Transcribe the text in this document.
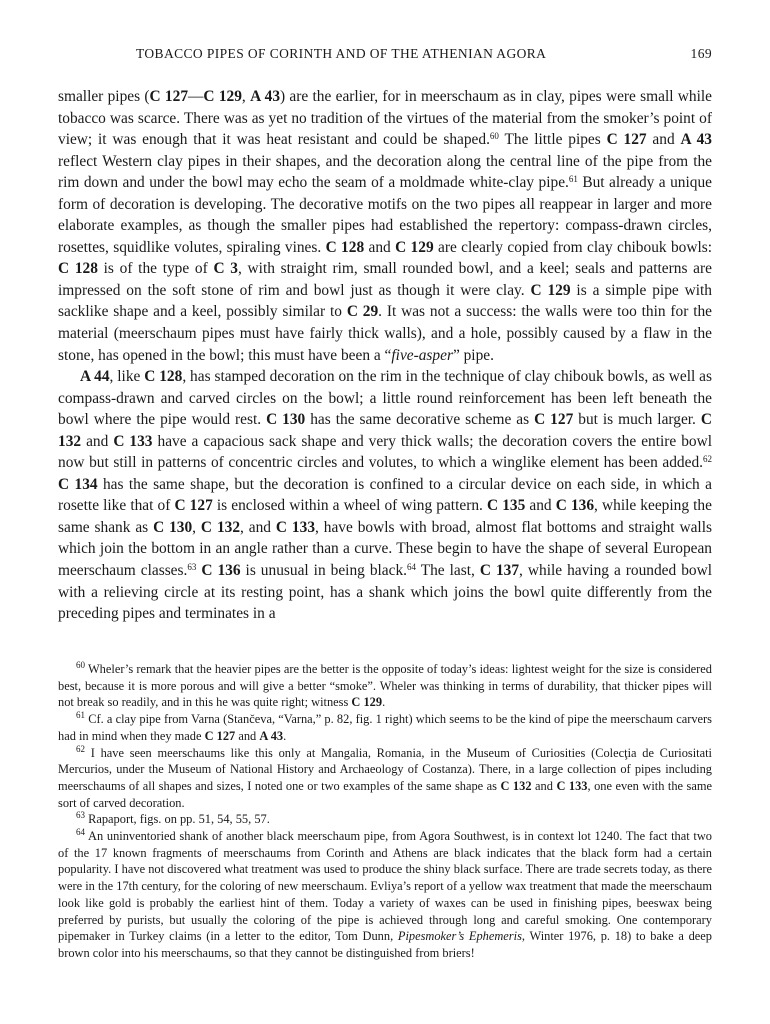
TOBACCO PIPES OF CORINTH AND OF THE ATHENIAN AGORA	169

smaller pipes (C 127—C 129, A 43) are the earlier, for in meerschaum as in clay, pipes were small while tobacco was scarce. There was as yet no tradition of the virtues of the material from the smoker’s point of view; it was enough that it was heat resistant and could be shaped.$^{60}$ The little pipes C 127 and A 43 reflect Western clay pipes in their shapes, and the decoration along the central line of the pipe from the rim down and under the bowl may echo the seam of a moldmade white-clay pipe.$^{61}$ But already a unique form of decoration is developing. The decorative motifs on the two pipes all reappear in larger and more elaborate examples, as though the smaller pipes had established the repertory: compass-drawn circles, rosettes, squidlike volutes, spiraling vines. C 128 and C 129 are clearly copied from clay chibouk bowls: C 128 is of the type of C 3, with straight rim, small rounded bowl, and a keel; seals and patterns are impressed on the soft stone of rim and bowl just as though it were clay. C 129 is a simple pipe with sacklike shape and a keel, possibly similar to C 29. It was not a success: the walls were too thin for the material (meerschaum pipes must have fairly thick walls), and a hole, possibly caused by a flaw in the stone, has opened in the bowl; this must have been a “five-asper” pipe.

A 44, like C 128, has stamped decoration on the rim in the technique of clay chibouk bowls, as well as compass-drawn and carved circles on the bowl; a little round reinforcement has been left beneath the bowl where the pipe would rest. C 130 has the same decorative scheme as C 127 but is much larger. C 132 and C 133 have a capacious sack shape and very thick walls; the decoration covers the entire bowl now but still in patterns of concentric circles and volutes, to which a winglike element has been added.$^{62}$ C 134 has the same shape, but the decoration is confined to a circular device on each side, in which a rosette like that of C 127 is enclosed within a wheel of wing pattern. C 135 and C 136, while keeping the same shank as C 130, C 132, and C 133, have bowls with broad, almost flat bottoms and straight walls which join the bottom in an angle rather than a curve. These begin to have the shape of several European meerschaum classes.$^{63}$ C 136 is unusual in being black.$^{64}$ The last, C 137, while having a rounded bowl with a relieving circle at its resting point, has a shank which joins the bowl quite differently from the preceding pipes and terminates in a

$^{60}$ Wheler’s remark that the heavier pipes are the better is the opposite of today’s ideas: lightest weight for the size is considered best, because it is more porous and will give a better “smoke”. Wheler was thinking in terms of durability, that thicker pipes will not break so readily, and in this he was quite right; witness C 129.

$^{61}$ Cf. a clay pipe from Varna (Stančeva, “Varna,” p. 82, fig. 1 right) which seems to be the kind of pipe the meerschaum carvers had in mind when they made C 127 and A 43.

$^{62}$ I have seen meerschaums like this only at Mangalia, Romania, in the Museum of Curiosities (Colecţia de Curiositati Mercurios, under the Museum of National History and Archaeology of Costanza). There, in a large collection of pipes including meerschaums of all shapes and sizes, I noted one or two examples of the same shape as C 132 and C 133, one even with the same sort of carved decoration.

$^{63}$ Rapaport, figs. on pp. 51, 54, 55, 57.

$^{64}$ An uninventoried shank of another black meerschaum pipe, from Agora Southwest, is in context lot 1240. The fact that two of the 17 known fragments of meerschaums from Corinth and Athens are black indicates that the black form had a certain popularity. I have not discovered what treatment was used to produce the shiny black surface. There are trade secrets today, as there were in the 17th century, for the coloring of new meerschaum. Evliya’s report of a yellow wax treatment that made the meerschaum look like gold is probably the earliest hint of them. Today a variety of waxes can be used in finishing pipes, beeswax being preferred by purists, but usually the coloring of the pipe is achieved through long and careful smoking. One contemporary pipemaker in Turkey claims (in a letter to the editor, Tom Dunn, Pipesmoker’s Ephemeris, Winter 1976, p. 18) to bake a deep brown color into his meerschaums, so that they cannot be distinguished from briers!
